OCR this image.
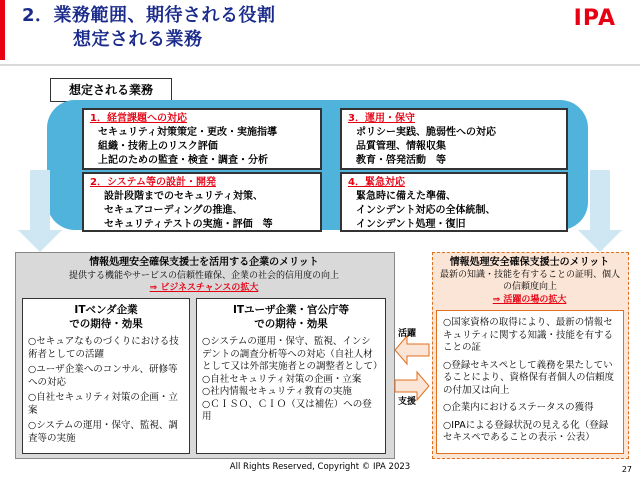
2．業務範囲、期待される役割
想定される業務
IPA
想定される業務
1．経営課題への対応
セキュリティ対策策定・更改・実施指導
組織・技術上のリスク評価
上記のための監査・検査・調査・分析
2．システム等の設計・開発
設計段階までのセキュリティ対策、
セキュアコーディングの推進、
セキュリティテストの実施・評価　等
3．運用・保守
ポリシー実践、脆弱性への対応
品質管理、情報収集
教育・啓発活動　等
4．緊急対応
緊急時に備えた準備、
インシデント対応の全体統制、
インシデント処理・復旧
情報処理安全確保支援士を活用する企業のメリット
提供する機能やサービスの信頼性確保、企業の社会的信用度の向上
⇒ ビジネスチャンスの拡大
ITベンダ企業
での期待・効果
○セキュアなものづくりにおける技術者としての活躍
○ユーザ企業へのコンサル、研修等への対応
○自社セキュリティ対策の企画・立案
○システムの運用・保守、監視、調査等の実施
ITユーザ企業・官公庁等
での期待・効果
○システムの運用・保守、監視、インシデントの調査分析等への対応（自社人材として又は外部実施者との調整者として）
○自社セキュリティ対策の企画・立案
○社内情報セキュリティ教育の実施
○ＣＩＳＯ、ＣＩＯ（又は補佐）への登用
活躍
支援
情報処理安全確保支援士のメリット
最新の知識・技能を有することの証明、個人の信頼度向上
⇒ 活躍の場の拡大
○国家資格の取得により、最新の情報セキュリティに関する知識・技能を有することの証
○登録セキスペとして義務を果たしていることにより、資格保有者個人の信頼度の付加又は向上
○企業内におけるステータスの獲得
○IPAによる登録状況の見える化（登録セキスペであることの表示・公表）
All Rights Reserved, Copyright © IPA 2023	27
